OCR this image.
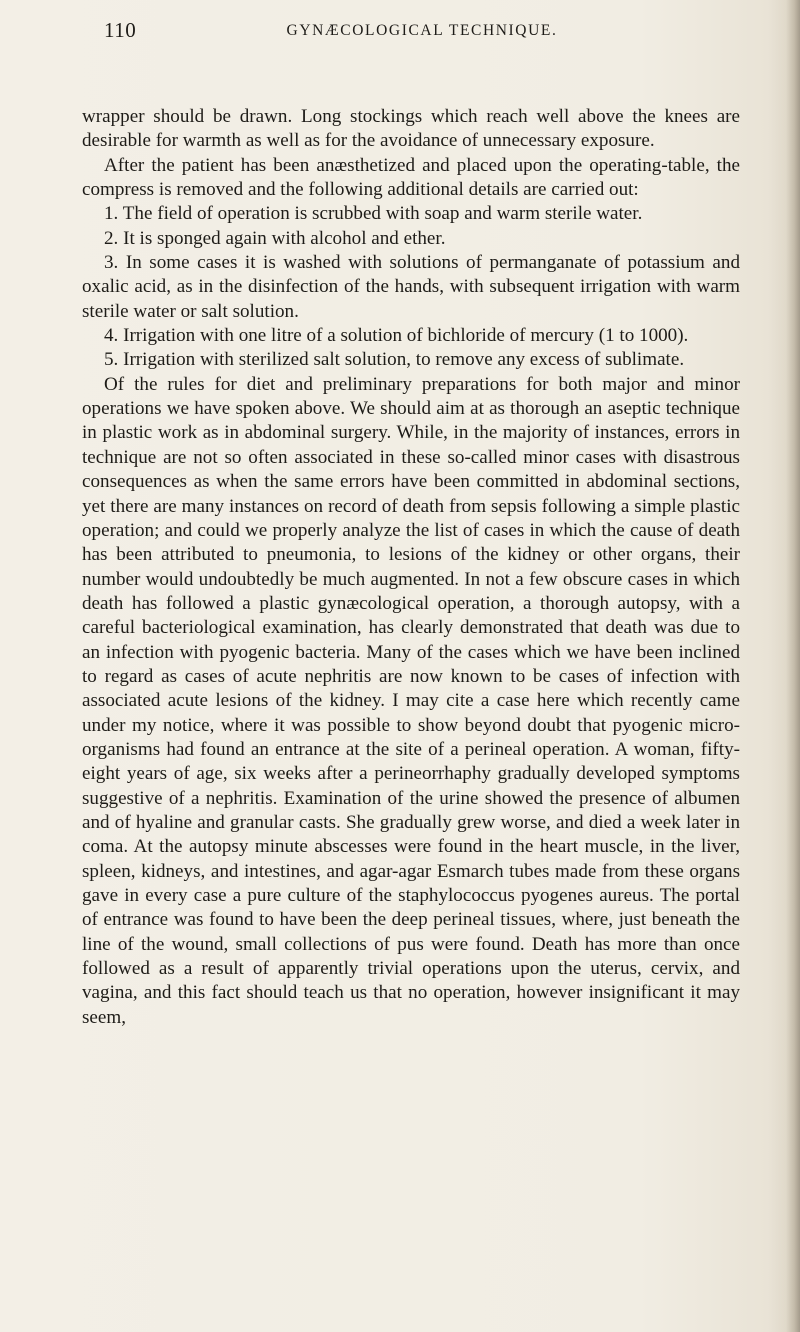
110	GYNÆCOLOGICAL TECHNIQUE.

wrapper should be drawn. Long stockings which reach well above the knees are desirable for warmth as well as for the avoidance of unnecessary exposure.

After the patient has been anæsthetized and placed upon the operating-table, the compress is removed and the following additional details are carried out:

1. The field of operation is scrubbed with soap and warm sterile water.

2. It is sponged again with alcohol and ether.

3. In some cases it is washed with solutions of permanganate of potassium and oxalic acid, as in the disinfection of the hands, with subsequent irrigation with warm sterile water or salt solution.

4. Irrigation with one litre of a solution of bichloride of mercury (1 to 1000).

5. Irrigation with sterilized salt solution, to remove any excess of sublimate.

Of the rules for diet and preliminary preparations for both major and minor operations we have spoken above. We should aim at as thorough an aseptic technique in plastic work as in abdominal surgery. While, in the majority of instances, errors in technique are not so often associated in these so-called minor cases with disastrous consequences as when the same errors have been committed in abdominal sections, yet there are many instances on record of death from sepsis following a simple plastic operation; and could we properly analyze the list of cases in which the cause of death has been attributed to pneumonia, to lesions of the kidney or other organs, their number would undoubtedly be much augmented. In not a few obscure cases in which death has followed a plastic gynæcological operation, a thorough autopsy, with a careful bacteriological examination, has clearly demonstrated that death was due to an infection with pyogenic bacteria. Many of the cases which we have been inclined to regard as cases of acute nephritis are now known to be cases of infection with associated acute lesions of the kidney. I may cite a case here which recently came under my notice, where it was possible to show beyond doubt that pyogenic micro-organisms had found an entrance at the site of a perineal operation. A woman, fifty-eight years of age, six weeks after a perineorrhaphy gradually developed symptoms suggestive of a nephritis. Examination of the urine showed the presence of albumen and of hyaline and granular casts. She gradually grew worse, and died a week later in coma. At the autopsy minute abscesses were found in the heart muscle, in the liver, spleen, kidneys, and intestines, and agar-agar Esmarch tubes made from these organs gave in every case a pure culture of the staphylococcus pyogenes aureus. The portal of entrance was found to have been the deep perineal tissues, where, just beneath the line of the wound, small collections of pus were found. Death has more than once followed as a result of apparently trivial operations upon the uterus, cervix, and vagina, and this fact should teach us that no operation, however insignificant it may seem,
